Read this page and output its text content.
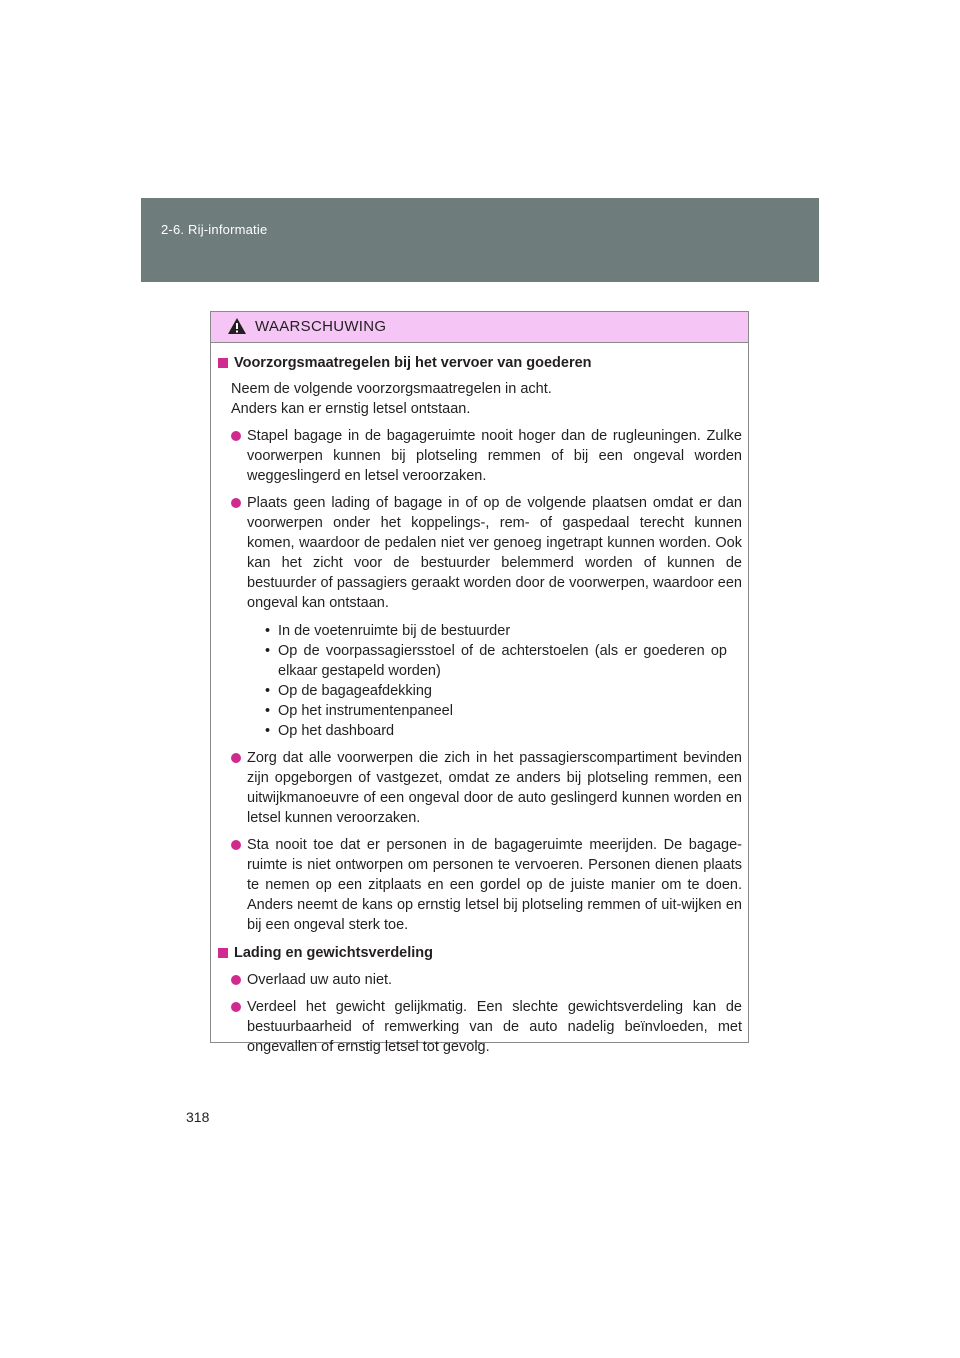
2-6. Rij-informatie
WAARSCHUWING
Voorzorgsmaatregelen bij het vervoer van goederen
Neem de volgende voorzorgsmaatregelen in acht.
Anders kan er ernstig letsel ontstaan.
Stapel bagage in de bagageruimte nooit hoger dan de rugleuningen. Zulke voorwerpen kunnen bij plotseling remmen of bij een ongeval worden weggeslingerd en letsel veroorzaken.
Plaats geen lading of bagage in of op de volgende plaatsen omdat er dan voorwerpen onder het koppelings-, rem- of gaspedaal terecht kunnen komen, waardoor de pedalen niet ver genoeg ingetrapt kunnen worden. Ook kan het zicht voor de bestuurder belemmerd worden of kunnen de bestuurder of passagiers geraakt worden door de voorwerpen, waardoor een ongeval kan ontstaan.
• In de voetenruimte bij de bestuurder
• Op de voorpassagiersstoel of de achterstoelen (als er goederen op elkaar gestapeld worden)
• Op de bagageafdekking
• Op het instrumentenpaneel
• Op het dashboard
Zorg dat alle voorwerpen die zich in het passagierscompartiment bevinden zijn opgeborgen of vastgezet, omdat ze anders bij plotseling remmen, een uitwijkmanoeuvre of een ongeval door de auto geslingerd kunnen worden en letsel kunnen veroorzaken.
Sta nooit toe dat er personen in de bagageruimte meerijden. De bagage-ruimte is niet ontworpen om personen te vervoeren. Personen dienen plaats te nemen op een zitplaats en een gordel op de juiste manier om te doen. Anders neemt de kans op ernstig letsel bij plotseling remmen of uit-wijken en bij een ongeval sterk toe.
Lading en gewichtsverdeling
Overlaad uw auto niet.
Verdeel het gewicht gelijkmatig. Een slechte gewichtsverdeling kan de bestuurbaarheid of remwerking van de auto nadelig beïnvloeden, met ongevallen of ernstig letsel tot gevolg.
318
